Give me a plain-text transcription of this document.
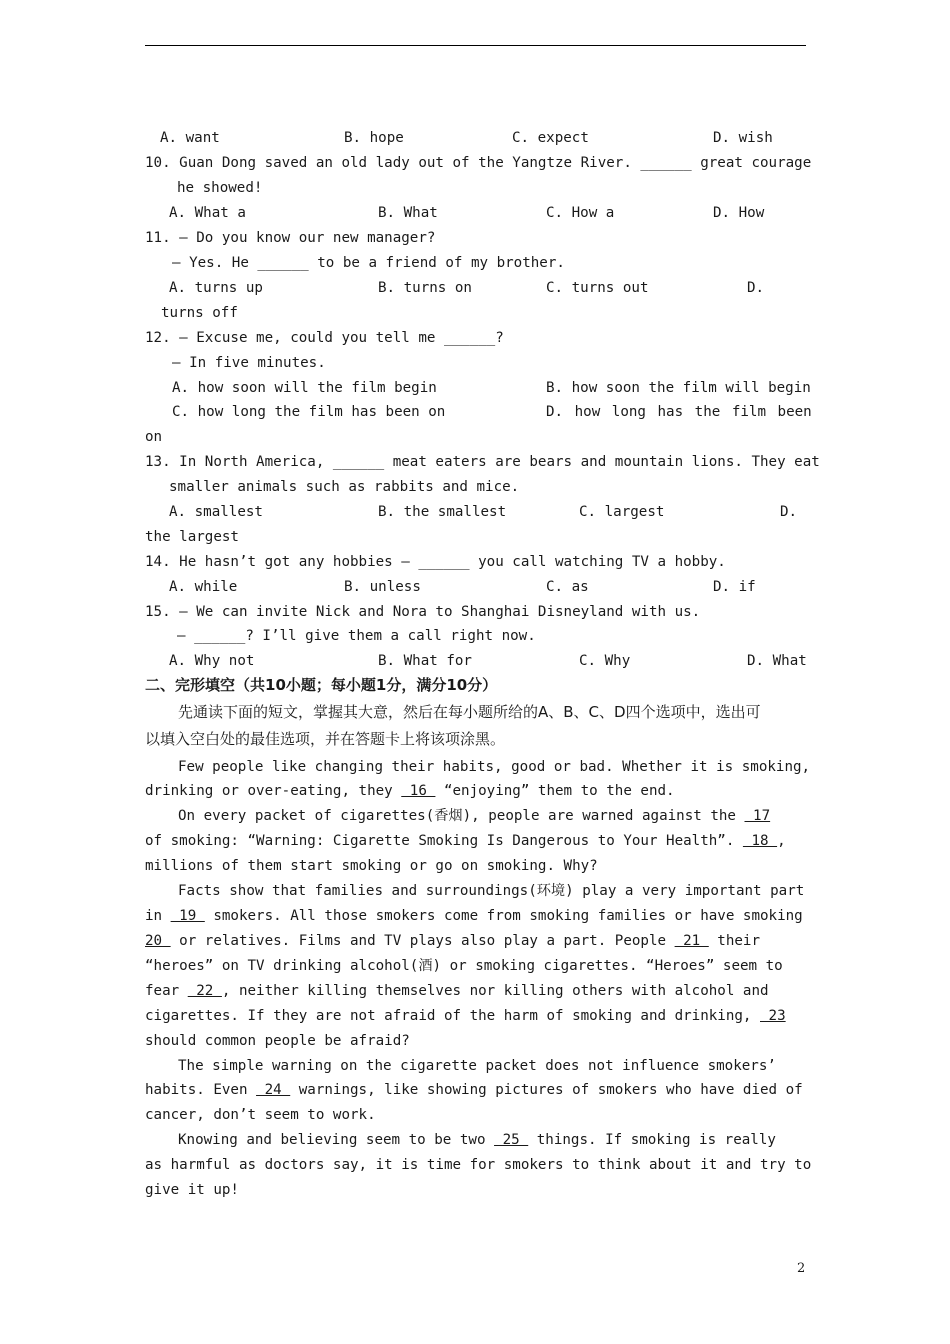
A. want	B. hope	C. expect	D. wish
10. Guan Dong saved an old lady out of the Yangtze River. ______ great courage
he showed!
A. What a	B. What	C. How a	D. How
11. — Do you know our new manager?
— Yes. He ______ to be a friend of my brother.
A. turns up	B. turns on	C. turns out	D.
turns off
12. — Excuse me, could you tell me ______?
— In five minutes.
A. how soon will the film begin	B. how soon the film will begin
C. how long the film has been on	D. how long has the film been
on
13. In North America, ______ meat eaters are bears and mountain lions. They eat
smaller animals such as rabbits and mice.
A. smallest	B. the smallest	C. largest	D.
the largest
14. He hasn’t got any hobbies — ______ you call watching TV a hobby.
A. while	B. unless	C. as	D. if
15. — We can invite Nick and Nora to Shanghai Disneyland with us.
— ______? I’ll give them a call right now.
A. Why not	B. What for	C. Why	D. What
二、完形填空（共10小题；每小题1分，满分10分）
先通读下面的短文，掌握其大意，然后在每小题所给的A、B、C、D四个选项中，选出可
以填入空白处的最佳选项，并在答题卡上将该项涂黑。
Few people like changing their habits, good or bad. Whether it is smoking,
drinking or over-eating, they  16  “enjoying” them to the end.
On every packet of cigarettes(香烟), people are warned against the  17
of smoking: “Warning: Cigarette Smoking Is Dangerous to Your Health”.  18 ,
millions of them start smoking or go on smoking. Why?
Facts show that families and surroundings(环境) play a very important part
in  19  smokers. All those smokers come from smoking families or have smoking
20  or relatives. Films and TV plays also play a part. People  21  their
“heroes” on TV drinking alcohol(酒) or smoking cigarettes. “Heroes” seem to
fear  22 , neither killing themselves nor killing others with alcohol and
cigarettes. If they are not afraid of the harm of smoking and drinking,  23
should common people be afraid?
The simple warning on the cigarette packet does not influence smokers’
habits. Even  24  warnings, like showing pictures of smokers who have died of
cancer, don’t seem to work.
Knowing and believing seem to be two  25  things. If smoking is really
as harmful as doctors say, it is time for smokers to think about it and try to
give it up!
2
